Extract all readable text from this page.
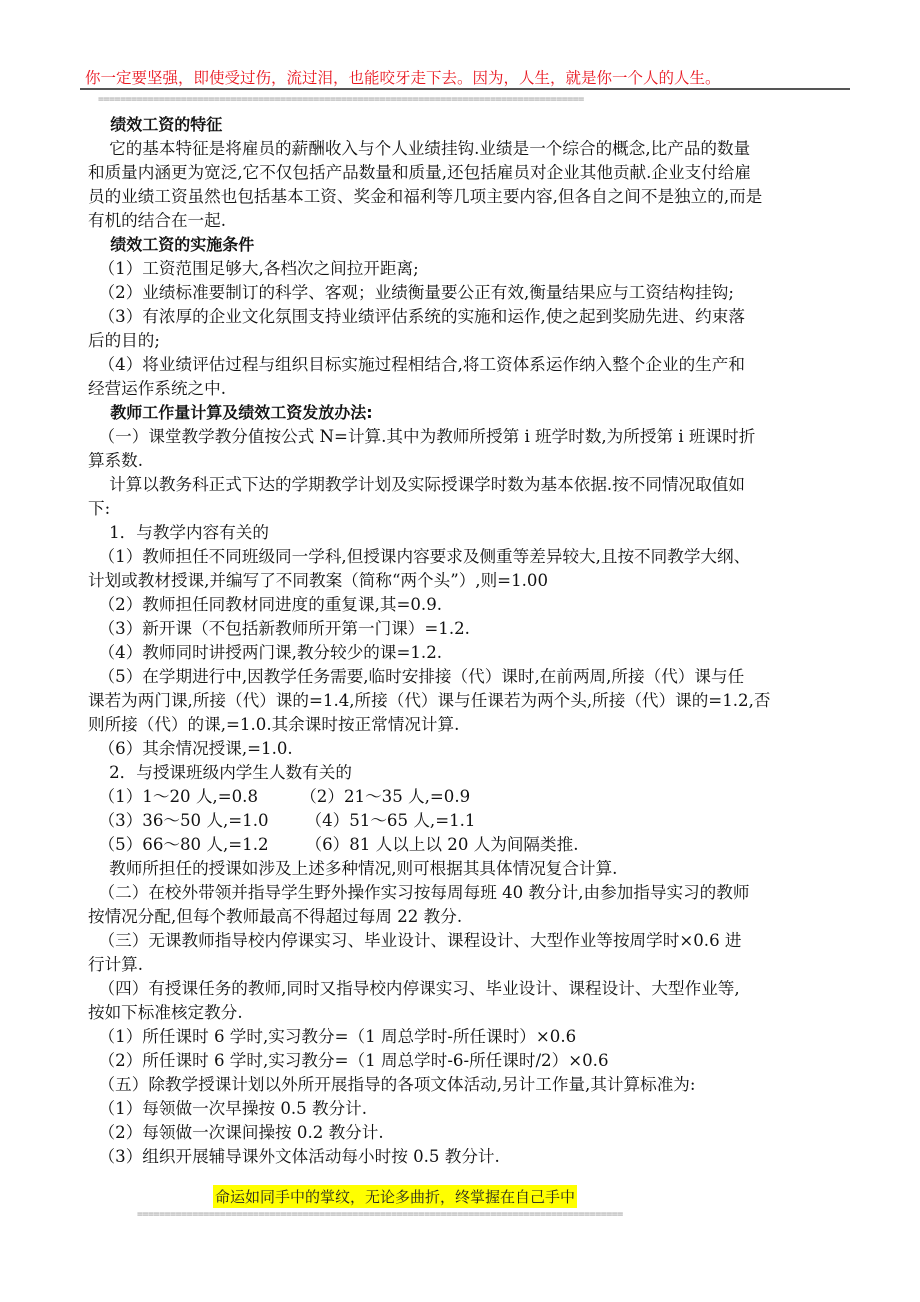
你一定要坚强，即使受过伤，流过泪，也能咬牙走下去。因为，人生，就是你一个人的人生。
========================================================================================
绩效工资的特征
它的基本特征是将雇员的薪酬收入与个人业绩挂钩.业绩是一个综合的概念,比产品的数量
和质量内涵更为宽泛,它不仅包括产品数量和质量,还包括雇员对企业其他贡献.企业支付给雇
员的业绩工资虽然也包括基本工资、奖金和福利等几项主要内容,但各自之间不是独立的,而是
有机的结合在一起.
绩效工资的实施条件
（1）工资范围足够大,各档次之间拉开距离;
（2）业绩标准要制订的科学、客观；业绩衡量要公正有效,衡量结果应与工资结构挂钩;
（3）有浓厚的企业文化氛围支持业绩评估系统的实施和运作,使之起到奖励先进、约束落
后的目的;
（4）将业绩评估过程与组织目标实施过程相结合,将工资体系运作纳入整个企业的生产和
经营运作系统之中.
教师工作量计算及绩效工资发放办法:
（一）课堂教学教分值按公式 N=计算.其中为教师所授第 i 班学时数,为所授第 i 班课时折
算系数.
计算以教务科正式下达的学期教学计划及实际授课学时数为基本依据.按不同情况取值如
下:
1．与教学内容有关的
（1）教师担任不同班级同一学科,但授课内容要求及侧重等差异较大,且按不同教学大纲、
计划或教材授课,并编写了不同教案（简称“两个头”）,则=1.00
（2）教师担任同教材同进度的重复课,其=0.9.
（3）新开课（不包括新教师所开第一门课）=1.2.
（4）教师同时讲授两门课,教分较少的课=1.2.
（5）在学期进行中,因教学任务需要,临时安排接（代）课时,在前两周,所接（代）课与任
课若为两门课,所接（代）课的=1.4,所接（代）课与任课若为两个头,所接（代）课的=1.2,否
则所接（代）的课,=1.0.其余课时按正常情况计算.
（6）其余情况授课,=1.0.
2．与授课班级内学生人数有关的
（1）1～20 人,=0.8        （2）21～35 人,=0.9
（3）36～50 人,=1.0       （4）51～65 人,=1.1
（5）66～80 人,=1.2       （6）81 人以上以 20 人为间隔类推.
教师所担任的授课如涉及上述多种情况,则可根据其具体情况复合计算.
（二）在校外带领并指导学生野外操作实习按每周每班 40 教分计,由参加指导实习的教师
按情况分配,但每个教师最高不得超过每周 22 教分.
（三）无课教师指导校内停课实习、毕业设计、课程设计、大型作业等按周学时×0.6 进
行计算.
（四）有授课任务的教师,同时又指导校内停课实习、毕业设计、课程设计、大型作业等,
按如下标准核定教分.
（1）所任课时 6 学时,实习教分=（1 周总学时-所任课时）×0.6
（2）所任课时 6 学时,实习教分=（1 周总学时-6-所任课时/2）×0.6
（五）除教学授课计划以外所开展指导的各项文体活动,另计工作量,其计算标准为:
（1）每领做一次早操按 0.5 教分计.
（2）每领做一次课间操按 0.2 教分计.
（3）组织开展辅导课外文体活动每小时按 0.5 教分计.
命运如同手中的掌纹，无论多曲折，终掌握在自己手中
========================================================================================
